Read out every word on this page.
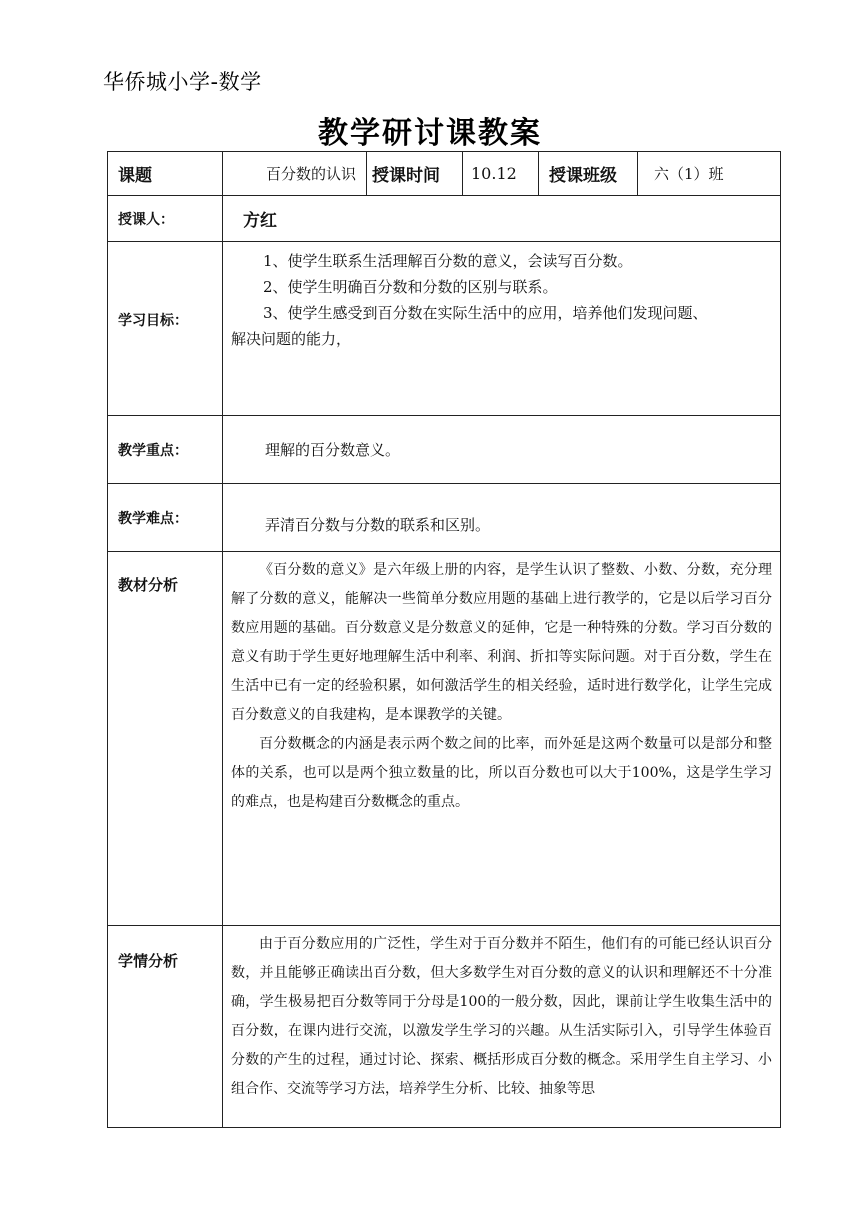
华侨城小学-数学
教学研讨课教案
课题	百分数的认识	授课时间	10.12	授课班级	六（1）班
授课人：	方红				
学习目标：	1、使学生联系生活理解百分数的意义，会读写百分数。
2、使学生明确百分数和分数的区别与联系。
3、使学生感受到百分数在实际生活中的应用，培养他们发现问题、
解决问题的能力，				

教学重点：	理解的百分数意义。				
教学难点：	弄清百分数与分数的联系和区别。				
教材分析	《百分数的意义》是六年级上册的内容，是学生认识了整数、小数、分数，充分理解了分数的意义，能解决一些简单分数应用题的基础上进行教学的，它是以后学习百分数应用题的基础。百分数意义是分数意义的延伸，它是一种特殊的分数。学习百分数的意义有助于学生更好地理解生活中利率、利润、折扣等实际问题。对于百分数，学生在生活中已有一定的经验积累，如何激活学生的相关经验，适时进行数学化，让学生完成百分数意义的自我建构，是本课教学的关键。

百分数概念的内涵是表示两个数之间的比率，而外延是这两个数量可以是部分和整体的关系，也可以是两个独立数量的比，所以百分数也可以大于100%，这是学生学习的难点，也是构建百分数概念的重点。				

学情分析	由于百分数应用的广泛性，学生对于百分数并不陌生，他们有的可能已经认识百分数，并且能够正确读出百分数，但大多数学生对百分数的意义的认识和理解还不十分准确，学生极易把百分数等同于分母是100的一般分数，因此，课前让学生收集生活中的百分数，在课内进行交流，以激发学生学习的兴趣。从生活实际引入，引导学生体验百分数的产生的过程，通过讨论、探索、概括形成百分数的概念。采用学生自主学习、小组合作、交流等学习方法，培养学生分析、比较、抽象等思				
